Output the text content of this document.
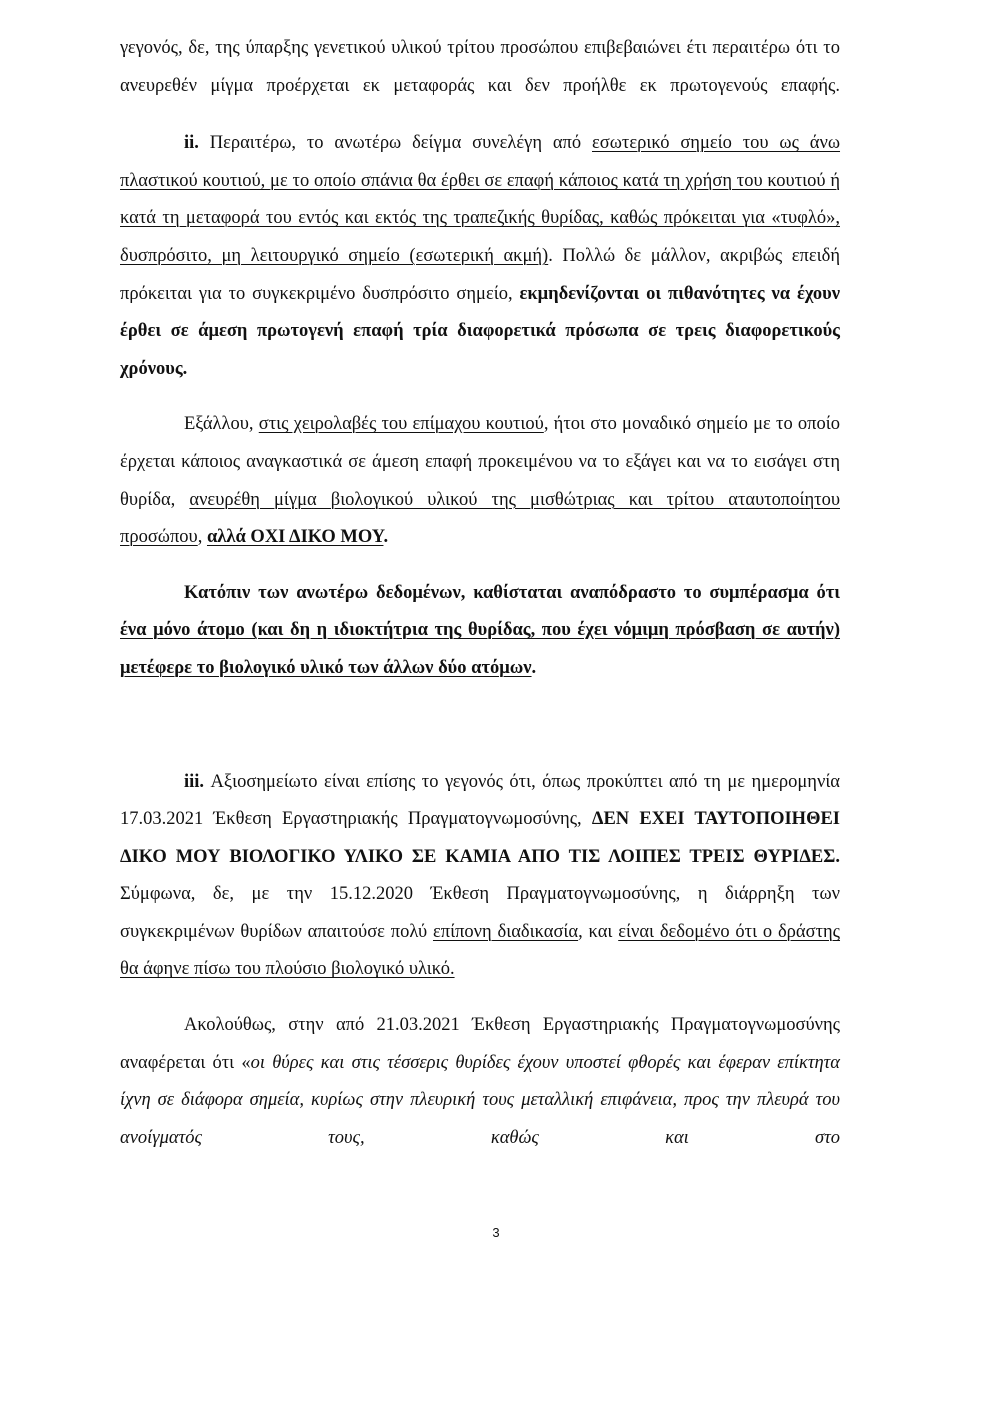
γεγονός, δε, της ύπαρξης γενετικού υλικού τρίτου προσώπου επιβεβαιώνει έτι περαιτέρω ότι το ανευρεθέν μίγμα προέρχεται εκ μεταφοράς και δεν προήλθε εκ πρωτογενούς επαφής.

ii. Περαιτέρω, το ανωτέρω δείγμα συνελέγη από εσωτερικό σημείο του ως άνω πλαστικού κουτιού, με το οποίο σπάνια θα έρθει σε επαφή κάποιος κατά τη χρήση του κουτιού ή κατά τη μεταφορά του εντός και εκτός της τραπεζικής θυρίδας, καθώς πρόκειται για «τυφλό», δυσπρόσιτο, μη λειτουργικό σημείο (εσωτερική ακμή). Πολλώ δε μάλλον, ακριβώς επειδή πρόκειται για το συγκεκριμένο δυσπρόσιτο σημείο, εκμηδενίζονται οι πιθανότητες να έχουν έρθει σε άμεση πρωτογενή επαφή τρία διαφορετικά πρόσωπα σε τρεις διαφορετικούς χρόνους.

Εξάλλου, στις χειρολαβές του επίμαχου κουτιού, ήτοι στο μοναδικό σημείο με το οποίο έρχεται κάποιος αναγκαστικά σε άμεση επαφή προκειμένου να το εξάγει και να το εισάγει στη θυρίδα, ανευρέθη μίγμα βιολογικού υλικού της μισθώτριας και τρίτου αταυτοποίητου προσώπου, αλλά ΟΧΙ ΔΙΚΟ ΜΟΥ.

Κατόπιν των ανωτέρω δεδομένων, καθίσταται αναπόδραστο το συμπέρασμα ότι ένα μόνο άτομο (και δη η ιδιοκτήτρια της θυρίδας, που έχει νόμιμη πρόσβαση σε αυτήν) μετέφερε το βιολογικό υλικό των άλλων δύο ατόμων.

iii. Αξιοσημείωτο είναι επίσης το γεγονός ότι, όπως προκύπτει από τη με ημερομηνία 17.03.2021 Έκθεση Εργαστηριακής Πραγματογνωμοσύνης, ΔΕΝ ΕΧΕΙ ΤΑΥΤΟΠΟΙΗΘΕΙ ΔΙΚΟ ΜΟΥ ΒΙΟΛΟΓΙΚΟ ΥΛΙΚΟ ΣΕ ΚΑΜΙΑ ΑΠΟ ΤΙΣ ΛΟΙΠΕΣ ΤΡΕΙΣ ΘΥΡΙΔΕΣ. Σύμφωνα, δε, με την 15.12.2020 Έκθεση Πραγματογνωμοσύνης, η διάρρηξη των συγκεκριμένων θυρίδων απαιτούσε πολύ επίπονη διαδικασία, και είναι δεδομένο ότι ο δράστης θα άφηνε πίσω του πλούσιο βιολογικό υλικό.

Ακολούθως, στην από 21.03.2021 Έκθεση Εργαστηριακής Πραγματογνωμοσύνης αναφέρεται ότι «οι θύρες και στις τέσσερις θυρίδες έχουν υποστεί φθορές και έφεραν επίκτητα ίχνη σε διάφορα σημεία, κυρίως στην πλευρική τους μεταλλική επιφάνεια, προς την πλευρά του ανοίγματός τους, καθώς και στο

3
